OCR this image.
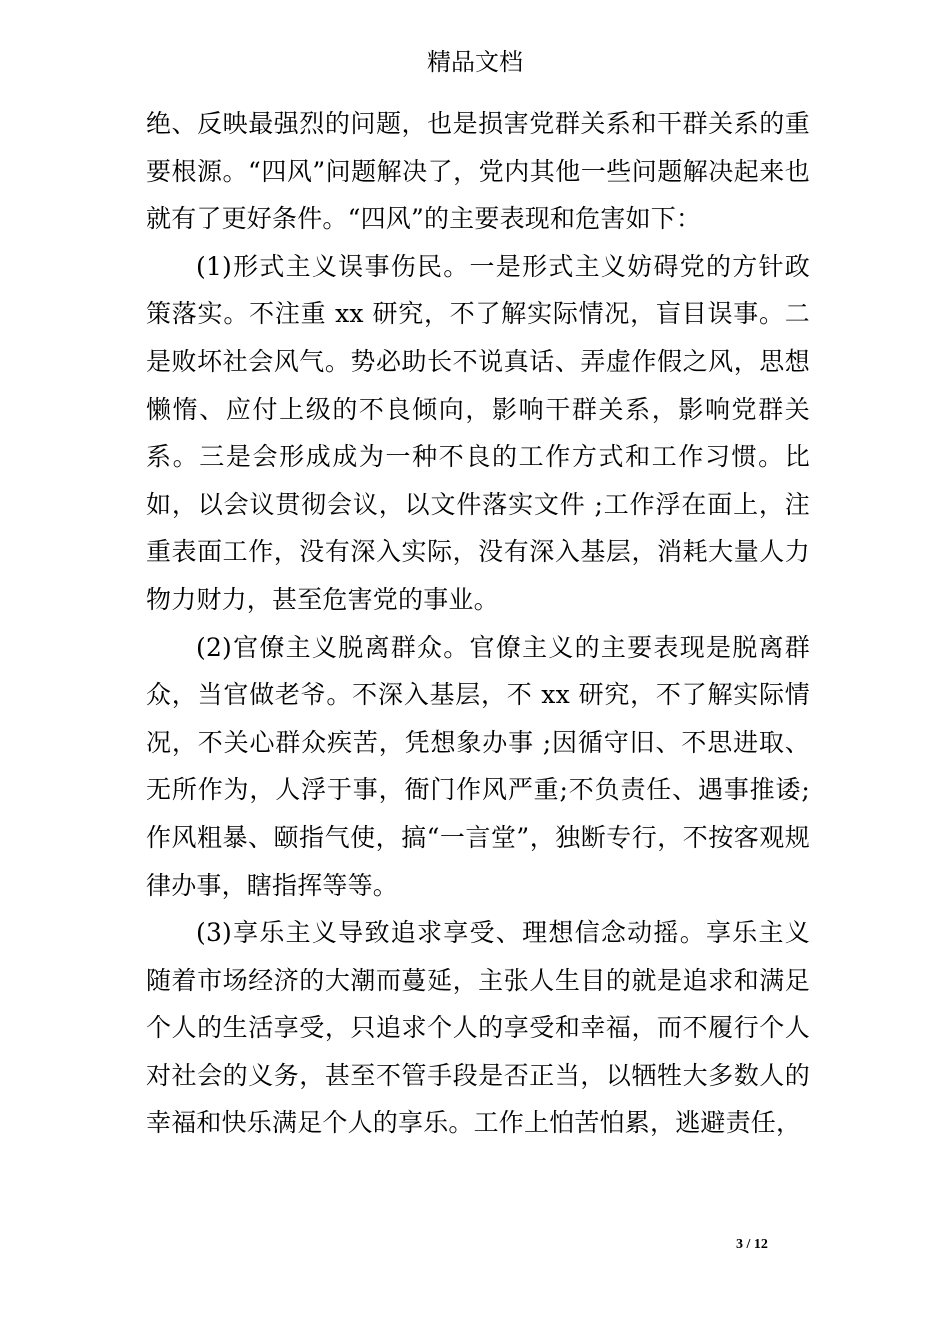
精品文档

绝、反映最强烈的问题，也是损害党群关系和干群关系的重要根源。“四风”问题解决了，党内其他一些问题解决起来也就有了更好条件。“四风”的主要表现和危害如下：

(1)形式主义误事伤民。一是形式主义妨碍党的方针政策落实。不注重 xx 研究，不了解实际情况，盲目误事。二是败坏社会风气。势必助长不说真话、弄虚作假之风，思想懒惰、应付上级的不良倾向，影响干群关系，影响党群关系。三是会形成成为一种不良的工作方式和工作习惯。比如，以会议贯彻会议，以文件落实文件 ;工作浮在面上，注重表面工作，没有深入实际，没有深入基层，消耗大量人力物力财力，甚至危害党的事业。

(2)官僚主义脱离群众。官僚主义的主要表现是脱离群众，当官做老爷。不深入基层，不 xx 研究，不了解实际情况，不关心群众疾苦，凭想象办事 ;因循守旧、不思进取、无所作为，人浮于事，衙门作风严重;不负责任、遇事推诿;作风粗暴、颐指气使，搞“一言堂”，独断专行，不按客观规律办事，瞎指挥等等。

(3)享乐主义导致追求享受、理想信念动摇。享乐主义随着市场经济的大潮而蔓延，主张人生目的就是追求和满足个人的生活享受，只追求个人的享受和幸福，而不履行个人对社会的义务，甚至不管手段是否正当，以牺牲大多数人的幸福和快乐满足个人的享乐。工作上怕苦怕累，逃避责任，

3 / 12
